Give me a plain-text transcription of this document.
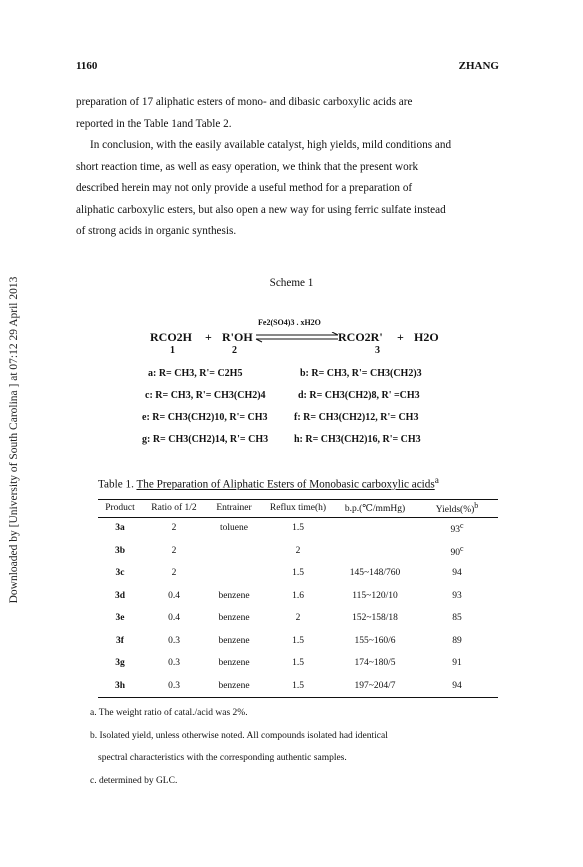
Downloaded by [University of South Carolina ] at 07:12 29 April 2013
1160	ZHANG

preparation of 17 aliphatic esters of mono- and dibasic carboxylic acids are

reported in the Table 1and Table 2.

In conclusion, with the easily available catalyst, high yields, mild conditions and

short reaction time, as well as easy operation, we think that the present work

described herein may not only provide a useful method for a preparation of

aliphatic carboxylic esters, but also open a new way for using ferric sulfate instead

of strong acids in organic synthesis.

Scheme 1
RCO2H + R'OH
Fe2(SO4)3 . xH2O
RCO2R' + H2O
1	2	3
a: R= CH3, R'= C2H5	b: R= CH3, R'= CH3(CH2)3
c: R= CH3, R'= CH3(CH2)4	d: R= CH3(CH2)8, R' =CH3
e: R= CH3(CH2)10, R'= CH3	f: R= CH3(CH2)12, R'= CH3
g: R= CH3(CH2)14, R'= CH3	h: R= CH3(CH2)16, R'= CH3
Table 1. The Preparation of Aliphatic Esters of Monobasic carboxylic acids$^a$
Product	Ratio of 1/2	Entrainer	Reflux time(h)	b.p.(℃/mmHg)	Yields(%)$^b$
3a	2	toluene	1.5		93$^c$
3b	2		2		90$^c$
3c	2		1.5	145~148/760	94
3d	0.4	benzene	1.6	115~120/10	93
3e	0.4	benzene	2	152~158/18	85
3f	0.3	benzene	1.5	155~160/6	89
3g	0.3	benzene	1.5	174~180/5	91
3h	0.3	benzene	1.5	197~204/7	94
a. The weight ratio of catal./acid was 2%.
b. Isolated yield, unless otherwise noted. All compounds isolated had identical
spectral characteristics with the corresponding authentic samples.
c. determined by GLC.
